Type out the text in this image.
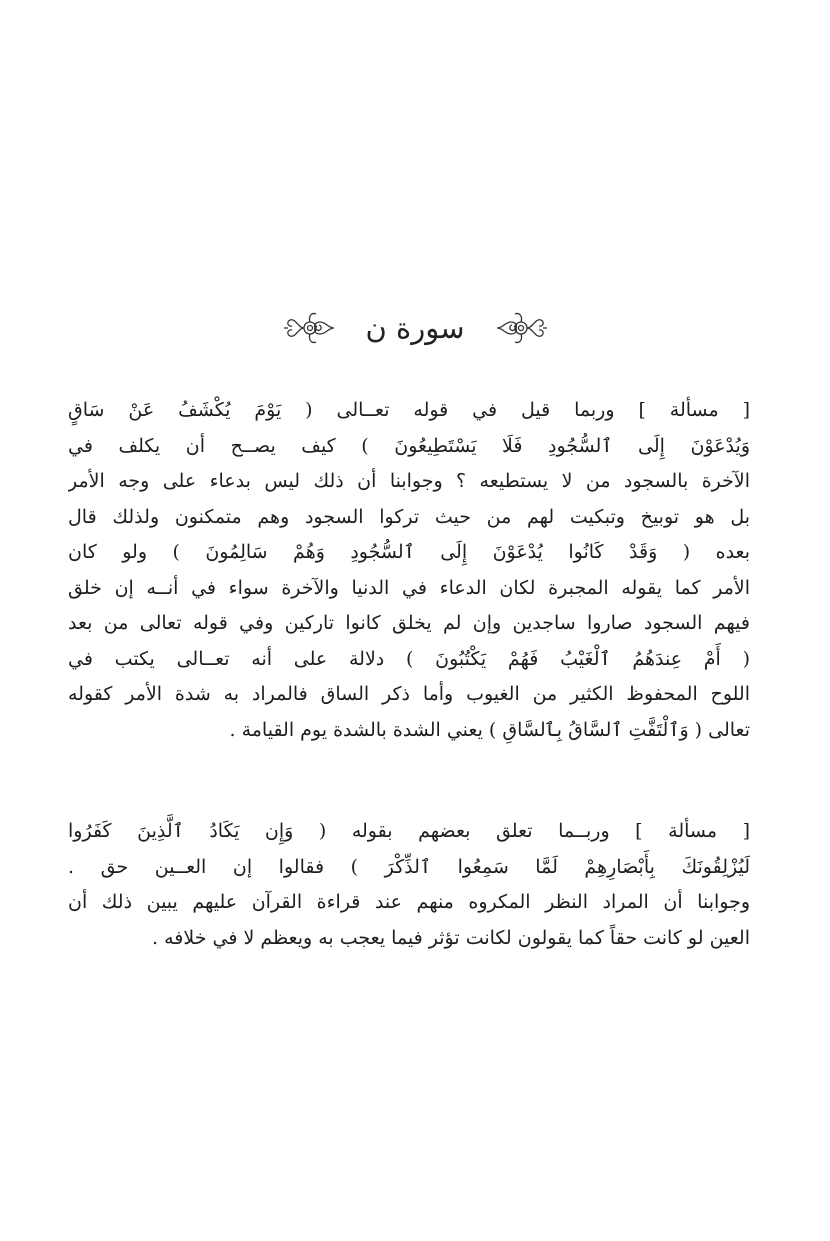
سورة ن
[ مسألة ] وربما قيل في قوله تعــالى ( يَوْمَ يُكْشَفُ عَنْ سَاقٍ
وَيُدْعَوْنَ إِلَى ٱلسُّجُودِ فَلَا يَسْتَطِيعُونَ ) كيف يصــح أن يكلف في
الآخرة بالسجود من لا يستطيعه ؟ وجوابنا أن ذلك ليس بدعاء على وجه الأمر
بل هو توبيخ وتبكيت لهم من حيث تركوا السجود وهم متمكنون ولذلك قال
بعده ( وَقَدْ كَانُوا يُدْعَوْنَ إِلَى ٱلسُّجُودِ وَهُمْ سَالِمُونَ ) ولو كان
الأمر كما يقوله المجبرة لكان الدعاء في الدنيا والآخرة سواء في أنــه إن خلق
فيهم السجود صاروا ساجدين وإن لم يخلق كانوا تاركين وفي قوله تعالى من بعد
( أَمْ عِندَهُمُ ٱلْغَيْبُ فَهُمْ يَكْتُبُونَ ) دلالة على أنه تعــالى يكتب في
اللوح المحفوظ الكثير من الغيوب وأما ذكر الساق فالمراد به شدة الأمر كقوله
تعالى ( وَٱلْتَفَّتِ ٱلسَّاقُ بِٱلسَّاقِ ) يعني الشدة بالشدة يوم القيامة .
[ مسألة ] وربــما تعلق بعضهم بقوله ( وَإِن يَكَادُ ٱلَّذِينَ كَفَرُوا
لَيُزْلِقُونَكَ بِأَبْصَارِهِمْ لَمَّا سَمِعُوا ٱلذِّكْرَ ) فقالوا إن العــين حق .
وجوابنا أن المراد النظر المكروه منهم عند قراءة القرآن عليهم يبين ذلك أن
العين لو كانت حقاً كما يقولون لكانت تؤثر فيما يعجب به ويعظم لا في خلافه .
